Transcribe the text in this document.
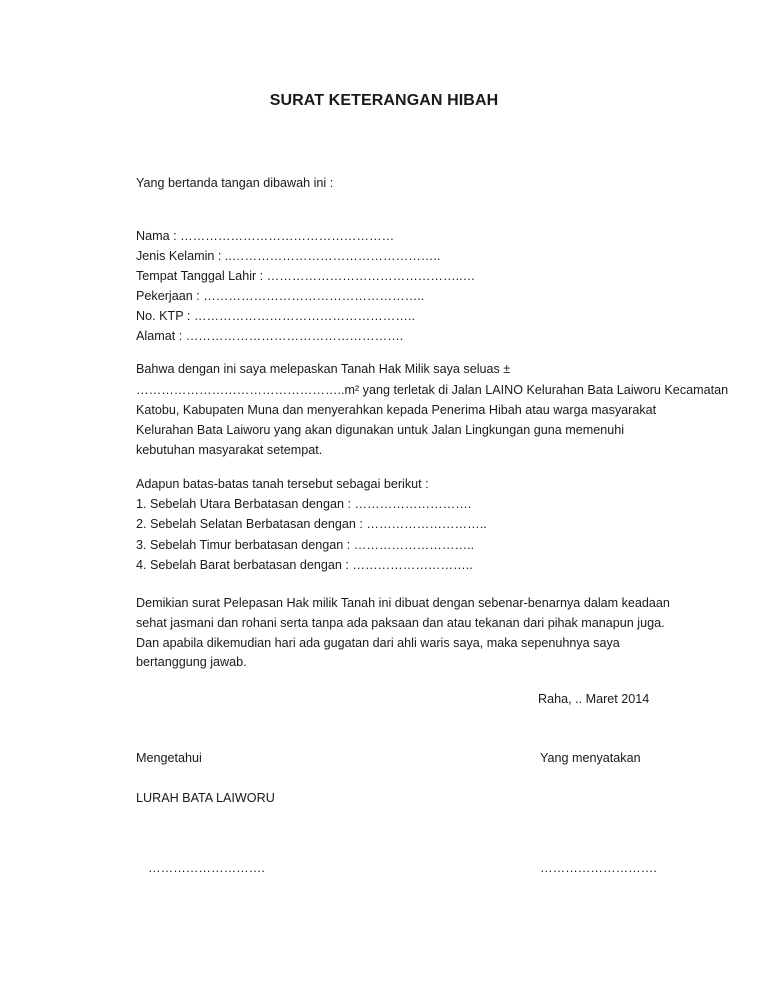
SURAT KETERANGAN HIBAH
Yang bertanda tangan dibawah ini :
Nama : ……………………………………………
Jenis Kelamin : ..…………………………………………..
Tempat Tanggal Lahir : ………………………………………..…
Pekerjaan : ……………………………………………..
No. KTP : ……………………………………………..
Alamat : …………………………………………….
Bahwa dengan ini saya melepaskan Tanah Hak Milik saya seluas ±
…………………………………………..m² yang terletak di Jalan LAINO Kelurahan Bata Laiworu Kecamatan
Katobu, Kabupaten Muna dan menyerahkan kepada Penerima Hibah atau warga masyarakat
Kelurahan Bata Laiworu yang akan digunakan untuk Jalan Lingkungan guna memenuhi
kebutuhan masyarakat setempat.
Adapun batas-batas tanah tersebut sebagai berikut :
1. Sebelah Utara Berbatasan dengan : ……………………….
2. Sebelah Selatan Berbatasan dengan : ………………………..
3. Sebelah Timur berbatasan dengan : ………………………..
4. Sebelah Barat berbatasan dengan : ………………………..
Demikian surat Pelepasan Hak milik Tanah ini dibuat dengan sebenar-benarnya dalam keadaan
sehat jasmani dan rohani serta tanpa ada paksaan dan atau tekanan dari pihak manapun juga.
Dan apabila dikemudian hari ada gugatan dari ahli waris saya, maka sepenuhnya saya
bertanggung jawab.
Raha, .. Maret 2014
Mengetahui	Yang menyatakan
LURAH BATA LAIWORU
……………………….	……………………….
